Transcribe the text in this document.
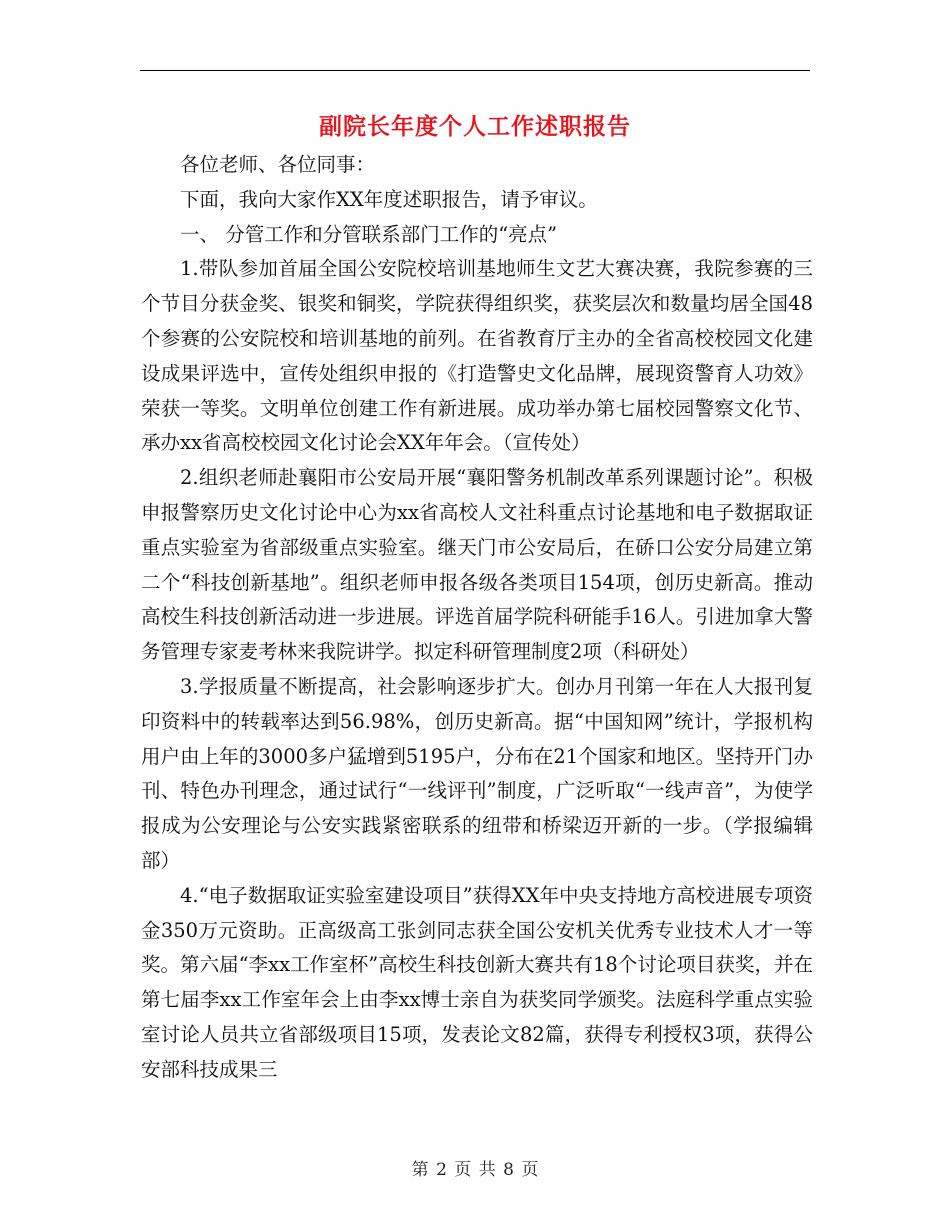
副院长年度个人工作述职报告

各位老师、各位同事：

下面，我向大家作XX年度述职报告，请予审议。

一、 分管工作和分管联系部门工作的“亮点”

1.带队参加首届全国公安院校培训基地师生文艺大赛决赛，我院参赛的三个节目分获金奖、银奖和铜奖，学院获得组织奖，获奖层次和数量均居全国48个参赛的公安院校和培训基地的前列。在省教育厅主办的全省高校校园文化建设成果评选中，宣传处组织申报的《打造警史文化品牌，展现资警育人功效》荣获一等奖。文明单位创建工作有新进展。成功举办第七届校园警察文化节、承办xx省高校校园文化讨论会XX年年会。（宣传处）

2.组织老师赴襄阳市公安局开展“襄阳警务机制改革系列课题讨论”。积极申报警察历史文化讨论中心为xx省高校人文社科重点讨论基地和电子数据取证重点实验室为省部级重点实验室。继天门市公安局后，在硚口公安分局建立第二个“科技创新基地”。组织老师申报各级各类项目154项，创历史新高。推动高校生科技创新活动进一步进展。评选首届学院科研能手16人。引进加拿大警务管理专家麦考林来我院讲学。拟定科研管理制度2项（科研处）

3.学报质量不断提高，社会影响逐步扩大。创办月刊第一年在人大报刊复印资料中的转载率达到56.98%，创历史新高。据“中国知网”统计，学报机构用户由上年的3000多户猛增到5195户，分布在21个国家和地区。坚持开门办刊、特色办刊理念，通过试行“一线评刊”制度，广泛听取“一线声音”，为使学报成为公安理论与公安实践紧密联系的纽带和桥梁迈开新的一步。（学报编辑部）

4.“电子数据取证实验室建设项目”获得XX年中央支持地方高校进展专项资金350万元资助。正高级高工张剑同志获全国公安机关优秀专业技术人才一等奖。第六届“李xx工作室杯”高校生科技创新大赛共有18个讨论项目获奖，并在第七届李xx工作室年会上由李xx博士亲自为获奖同学颁奖。法庭科学重点实验室讨论人员共立省部级项目15项，发表论文82篇，获得专利授权3项，获得公安部科技成果三

第 2 页 共 8 页
